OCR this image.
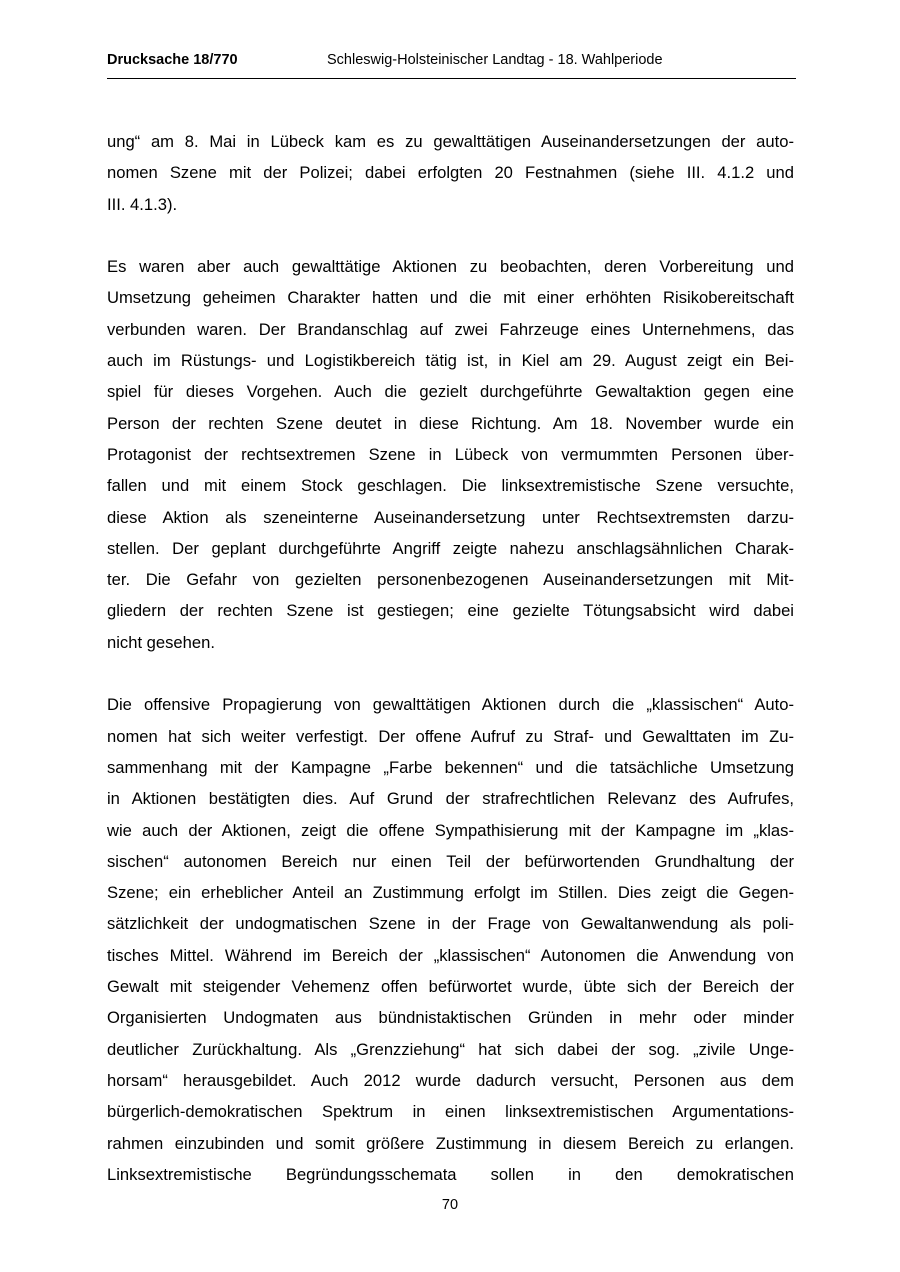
Drucksache 18/770	Schleswig-Holsteinischer Landtag - 18. Wahlperiode
ung“ am 8. Mai in Lübeck kam es zu gewalttätigen Auseinandersetzungen der auto-
nomen Szene mit der Polizei; dabei erfolgten 20 Festnahmen (siehe III. 4.1.2 und
III. 4.1.3).
Es waren aber auch gewalttätige Aktionen zu beobachten, deren Vorbereitung und
Umsetzung geheimen Charakter hatten und die mit einer erhöhten Risikobereitschaft
verbunden waren. Der Brandanschlag auf zwei Fahrzeuge eines Unternehmens, das
auch im Rüstungs- und Logistikbereich tätig ist, in Kiel am 29. August zeigt ein Bei-
spiel für dieses Vorgehen. Auch die gezielt durchgeführte Gewaltaktion gegen eine
Person der rechten Szene deutet in diese Richtung. Am 18. November wurde ein
Protagonist der rechtsextremen Szene in Lübeck von vermummten Personen über-
fallen und mit einem Stock geschlagen. Die linksextremistische Szene versuchte,
diese Aktion als szeneinterne Auseinandersetzung unter Rechtsextremsten darzu-
stellen. Der geplant durchgeführte Angriff zeigte nahezu anschlagsähnlichen Charak-
ter. Die Gefahr von gezielten personenbezogenen Auseinandersetzungen mit Mit-
gliedern der rechten Szene ist gestiegen; eine gezielte Tötungsabsicht wird dabei
nicht gesehen.
Die offensive Propagierung von gewalttätigen Aktionen durch die „klassischen“ Auto-
nomen hat sich weiter verfestigt. Der offene Aufruf zu Straf- und Gewalttaten im Zu-
sammenhang mit der Kampagne „Farbe bekennen“ und die tatsächliche Umsetzung
in Aktionen bestätigten dies. Auf Grund der strafrechtlichen Relevanz des Aufrufes,
wie auch der Aktionen, zeigt die offene Sympathisierung mit der Kampagne im „klas-
sischen“ autonomen Bereich nur einen Teil der befürwortenden Grundhaltung der
Szene; ein erheblicher Anteil an Zustimmung erfolgt im Stillen. Dies zeigt die Gegen-
sätzlichkeit der undogmatischen Szene in der Frage von Gewaltanwendung als poli-
tisches Mittel. Während im Bereich der „klassischen“ Autonomen die Anwendung von
Gewalt mit steigender Vehemenz offen befürwortet wurde, übte sich der Bereich der
Organisierten Undogmaten aus bündnistaktischen Gründen in mehr oder minder
deutlicher Zurückhaltung. Als „Grenzziehung“ hat sich dabei der sog. „zivile Unge-
horsam“ herausgebildet. Auch 2012 wurde dadurch versucht, Personen aus dem
bürgerlich-demokratischen Spektrum in einen linksextremistischen Argumentations-
rahmen einzubinden und somit größere Zustimmung in diesem Bereich zu erlangen.
Linksextremistische Begründungsschemata sollen in den demokratischen
70
